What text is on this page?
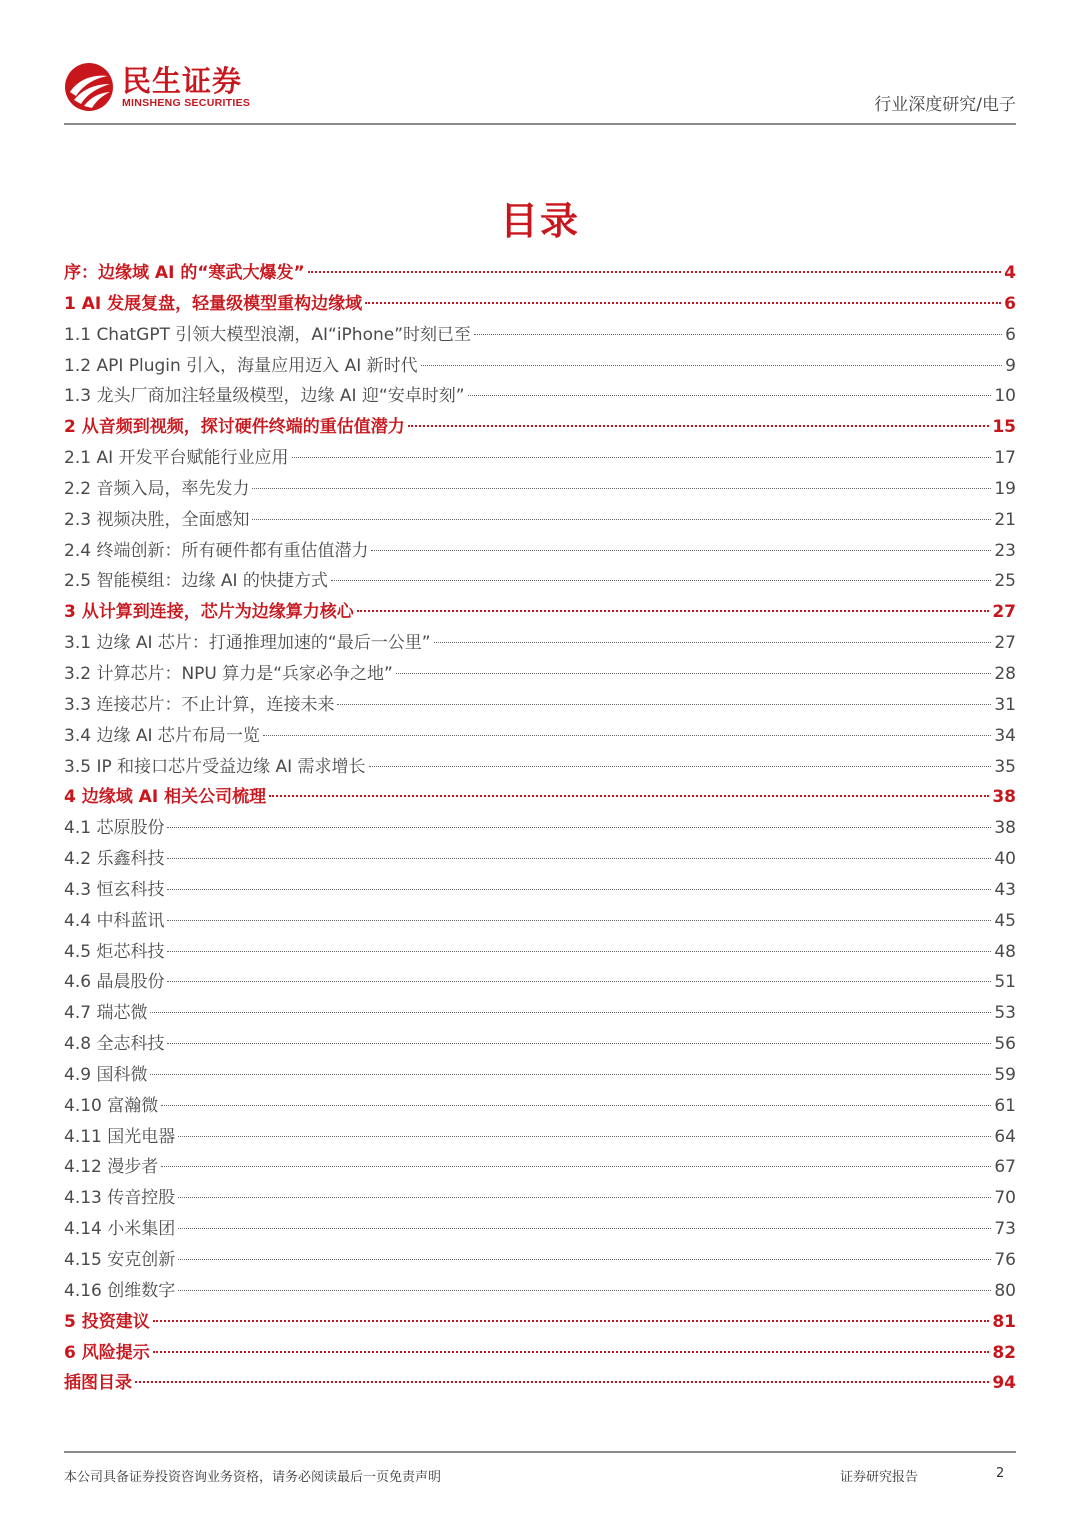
民生证券
MINSHENG SECURITIES	行业深度研究/电子
目录
序：边缘域 AI 的“寒武大爆发”	4
1 AI 发展复盘，轻量级模型重构边缘域	6
1.1 ChatGPT 引领大模型浪潮，AI“iPhone”时刻已至	6
1.2 API Plugin 引入，海量应用迈入 AI 新时代	9
1.3 龙头厂商加注轻量级模型，边缘 AI 迎“安卓时刻”	10
2 从音频到视频，探讨硬件终端的重估值潜力	15
2.1 AI 开发平台赋能行业应用	17
2.2 音频入局，率先发力	19
2.3 视频决胜，全面感知	21
2.4 终端创新：所有硬件都有重估值潜力	23
2.5 智能模组：边缘 AI 的快捷方式	25
3 从计算到连接，芯片为边缘算力核心	27
3.1 边缘 AI 芯片：打通推理加速的“最后一公里”	27
3.2 计算芯片：NPU 算力是“兵家必争之地”	28
3.3 连接芯片：不止计算，连接未来	31
3.4 边缘 AI 芯片布局一览	34
3.5 IP 和接口芯片受益边缘 AI 需求增长	35
4 边缘域 AI 相关公司梳理	38
4.1 芯原股份	38
4.2 乐鑫科技	40
4.3 恒玄科技	43
4.4 中科蓝讯	45
4.5 炬芯科技	48
4.6 晶晨股份	51
4.7 瑞芯微	53
4.8 全志科技	56
4.9 国科微	59
4.10 富瀚微	61
4.11 国光电器	64
4.12 漫步者	67
4.13 传音控股	70
4.14 小米集团	73
4.15 安克创新	76
4.16 创维数字	80
5 投资建议	81
6 风险提示	82
插图目录	94
本公司具备证券投资咨询业务资格，请务必阅读最后一页免责声明	证券研究报告	2
